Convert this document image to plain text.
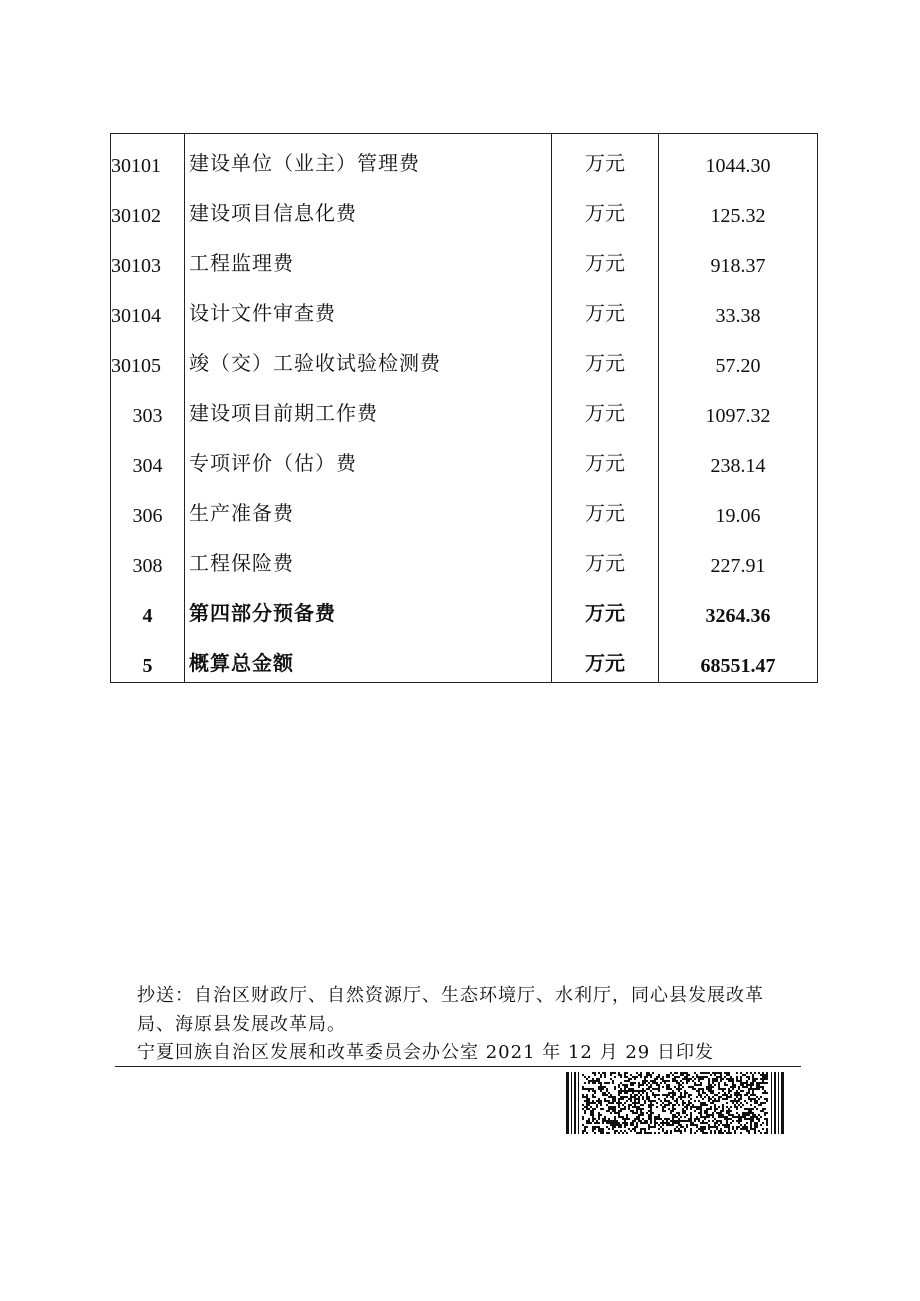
30101	建设单位（业主）管理费	万元	1044.30
30102	建设项目信息化费	万元	125.32
30103	工程监理费	万元	918.37
30104	设计文件审查费	万元	33.38
30105	竣（交）工验收试验检测费	万元	57.20
303	建设项目前期工作费	万元	1097.32
304	专项评价（估）费	万元	238.14
306	生产准备费	万元	19.06
308	工程保险费	万元	227.91
4	第四部分预备费	万元	3264.36
5	概算总金额	万元	68551.47
抄送：自治区财政厅、自然资源厅、生态环境厅、水利厅，同心县发展改革
局、海原县发展改革局。
宁夏回族自治区发展和改革委员会办公室 2021 年 12 月 29 日印发
